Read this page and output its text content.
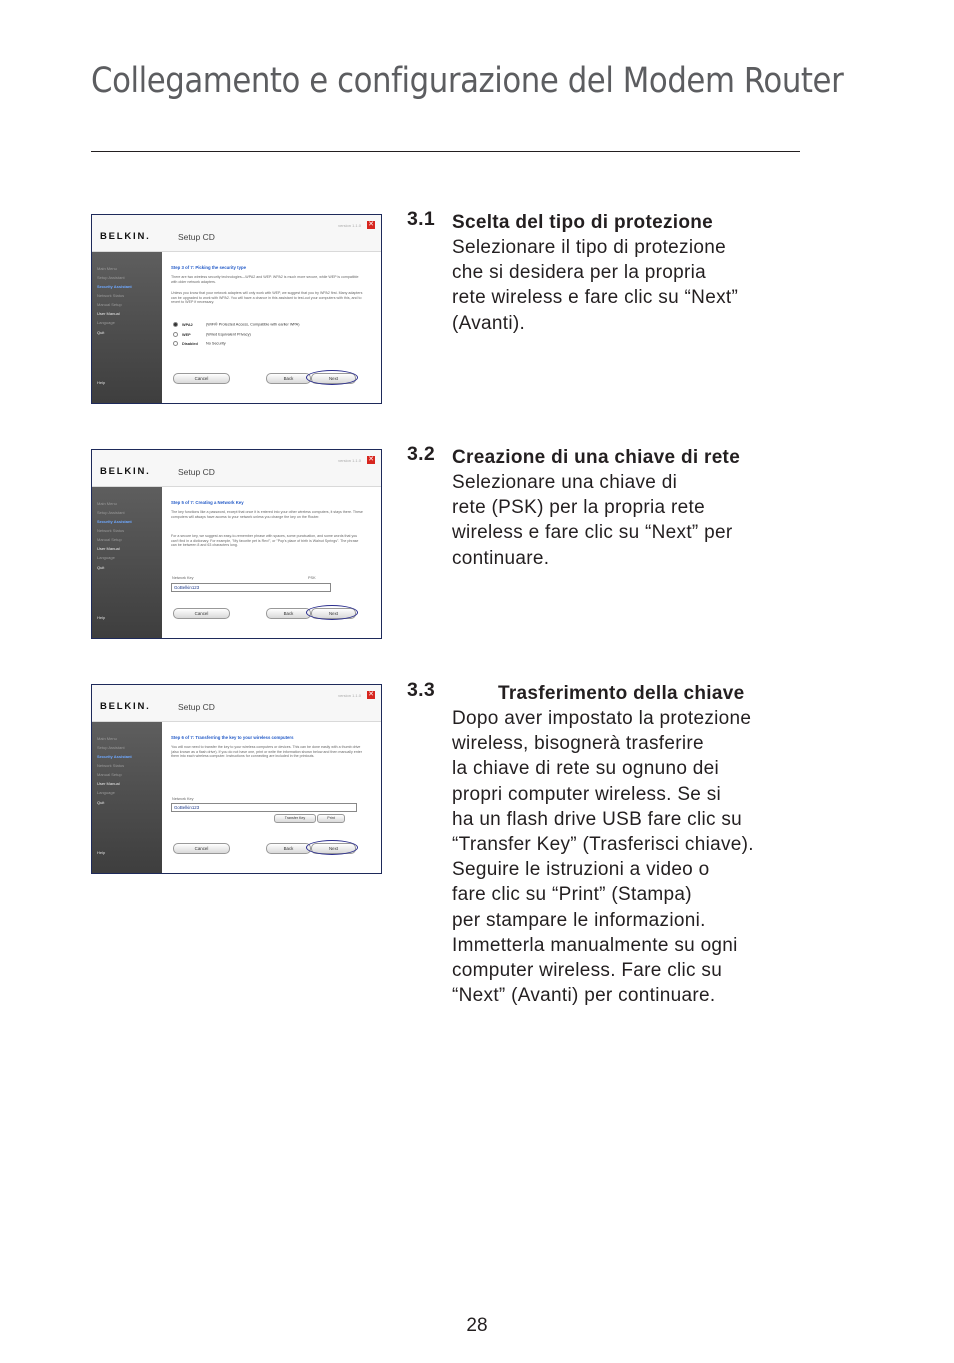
Collegamento e configurazione del Modem Router
BELKIN.	Setup CD
version 1.1.0 ✕
Main Menu
Setup Assistant
Security Assistant
Network Status
Manual Setup
User Manual
Language
Quit
Help
Step 3 of 7: Picking the security type
There are two wireless security technologies—WPA2 and WEP. WPA2 is much more secure, while WEP is compatible with older network adapters.
Unless you know that your network adapters will only work with WEP, we suggest that you try WPA2 first. Many adapters can be upgraded to work with WPA2. You will have a chance in this assistant to test-out your computers with this, and to revert to WEP if necessary.
WPA2	(WiFi® Protected Access, Compatible with earlier WPA)
WEP	(Wired Equivalent Privacy)
Disabled No Security
Cancel	Back	Next
BELKIN.	Setup CD
version 1.1.0 ✕
Main Menu
Setup Assistant
Security Assistant
Network Status
Manual Setup
User Manual
Language
Quit
Help
Step 5 of 7: Creating a Network Key
The key functions like a password, except that once it is entered into your other wireless computers, it stays there. These computers will always have access to your network unless you change the key on the Router.
For a secure key, we suggest an easy-to-remember phrase with spaces, some punctuation, and some words that you can't find in a dictionary. For example, "My favorite pet is Rex!", or "Pop's place of birth is Walnut Springs". The phrase can be between 8 and 63 characters long.
Network Key	PSK
GoBelkin123
Cancel	Back	Next
BELKIN.	Setup CD
version 1.1.0 ✕
Main Menu
Setup Assistant
Security Assistant
Network Status
Manual Setup
User Manual
Language
Quit
Help
Step 6 of 7: Transferring the key to your wireless computers
You will now need to transfer the key to your wireless computers or devices. This can be done easily with a thumb drive (also known as a flash drive). If you do not have one, print or write the information shown below and then manually enter them into each wireless computer. Instructions for connecting are included in the printouts.
Network Key
GoBelkin123
Transfer Key	Print
Cancel	Back	Next
3.1 Scelta del tipo di protezione
Selezionare il tipo di protezione
che si desidera per la propria
rete wireless e fare clic su “Next”
(Avanti).
3.2 Creazione di una chiave di rete
Selezionare una chiave di
rete (PSK) per la propria rete
wireless e fare clic su “Next” per
continuare.
3.3	Trasferimento della chiave
Dopo aver impostato la protezione
wireless, bisognerà trasferire
la chiave di rete su ognuno dei
propri computer wireless. Se si
ha un flash drive USB fare clic su
“Transfer Key” (Trasferisci chiave).
Seguire le istruzioni a video o
fare clic su “Print” (Stampa)
per stampare le informazioni.
Immetterla manualmente su ogni
computer wireless. Fare clic su
“Next” (Avanti) per continuare.
28
